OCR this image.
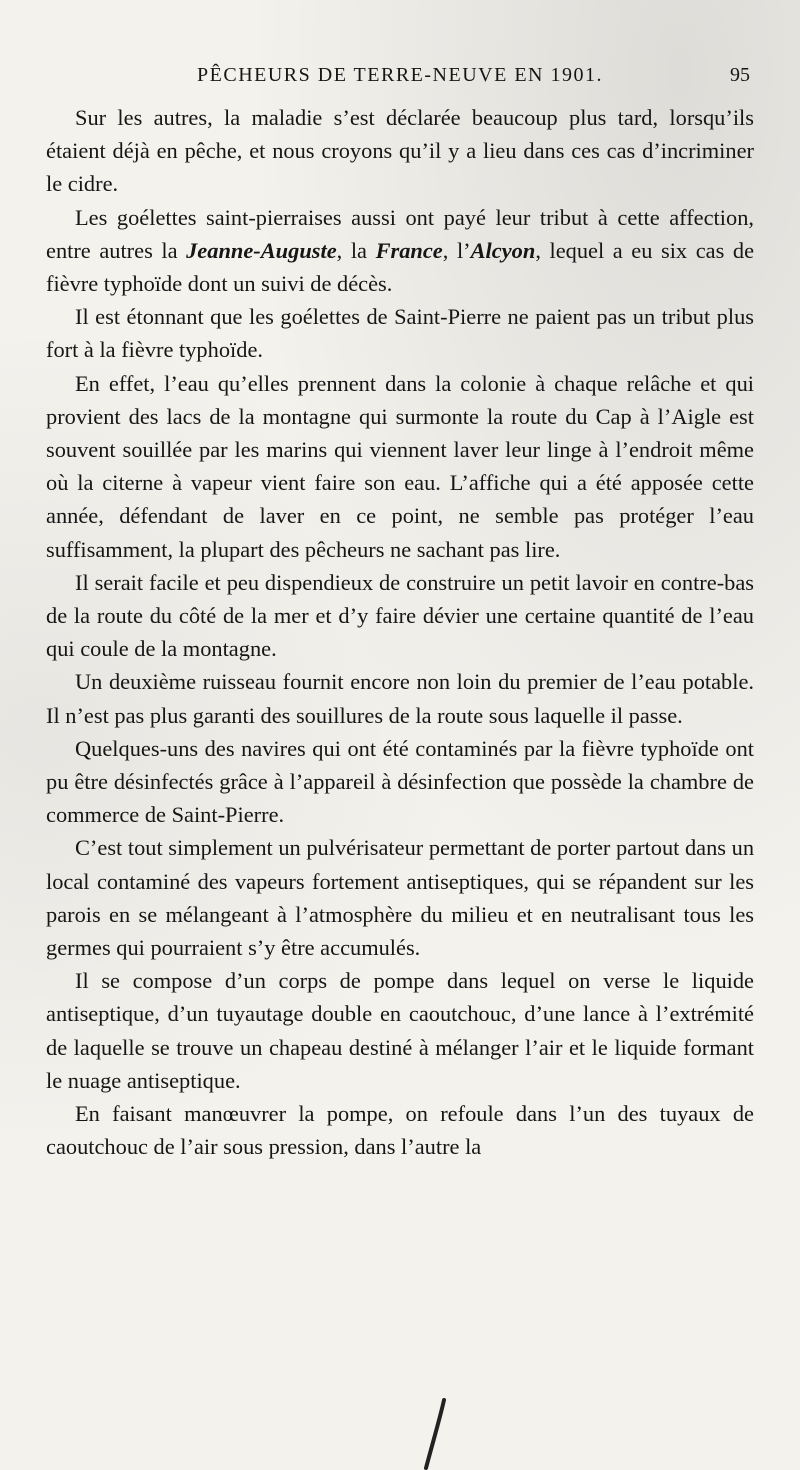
PÊCHEURS DE TERRE-NEUVE EN 1901.	95

Sur les autres, la maladie s’est déclarée beaucoup plus tard, lorsqu’ils étaient déjà en pêche, et nous croyons qu’il y a lieu dans ces cas d’incriminer le cidre.

Les goélettes saint-pierraises aussi ont payé leur tribut à cette affection, entre autres la Jeanne-Auguste, la France, l’Alcyon, lequel a eu six cas de fièvre typhoïde dont un suivi de décès.

Il est étonnant que les goélettes de Saint-Pierre ne paient pas un tribut plus fort à la fièvre typhoïde.

En effet, l’eau qu’elles prennent dans la colonie à chaque relâche et qui provient des lacs de la montagne qui surmonte la route du Cap à l’Aigle est souvent souillée par les marins qui viennent laver leur linge à l’endroit même où la citerne à vapeur vient faire son eau. L’affiche qui a été apposée cette année, défendant de laver en ce point, ne semble pas protéger l’eau suffisamment, la plupart des pêcheurs ne sachant pas lire.

Il serait facile et peu dispendieux de construire un petit lavoir en contre-bas de la route du côté de la mer et d’y faire dévier une certaine quantité de l’eau qui coule de la montagne.

Un deuxième ruisseau fournit encore non loin du premier de l’eau potable. Il n’est pas plus garanti des souillures de la route sous laquelle il passe.

Quelques-uns des navires qui ont été contaminés par la fièvre typhoïde ont pu être désinfectés grâce à l’appareil à désinfection que possède la chambre de commerce de Saint-Pierre.

C’est tout simplement un pulvérisateur permettant de porter partout dans un local contaminé des vapeurs fortement antiseptiques, qui se répandent sur les parois en se mélangeant à l’atmosphère du milieu et en neutralisant tous les germes qui pourraient s’y être accumulés.

Il se compose d’un corps de pompe dans lequel on verse le liquide antiseptique, d’un tuyautage double en caoutchouc, d’une lance à l’extrémité de laquelle se trouve un chapeau destiné à mélanger l’air et le liquide formant le nuage antiseptique.

En faisant manœuvrer la pompe, on refoule dans l’un des tuyaux de caoutchouc de l’air sous pression, dans l’autre la
